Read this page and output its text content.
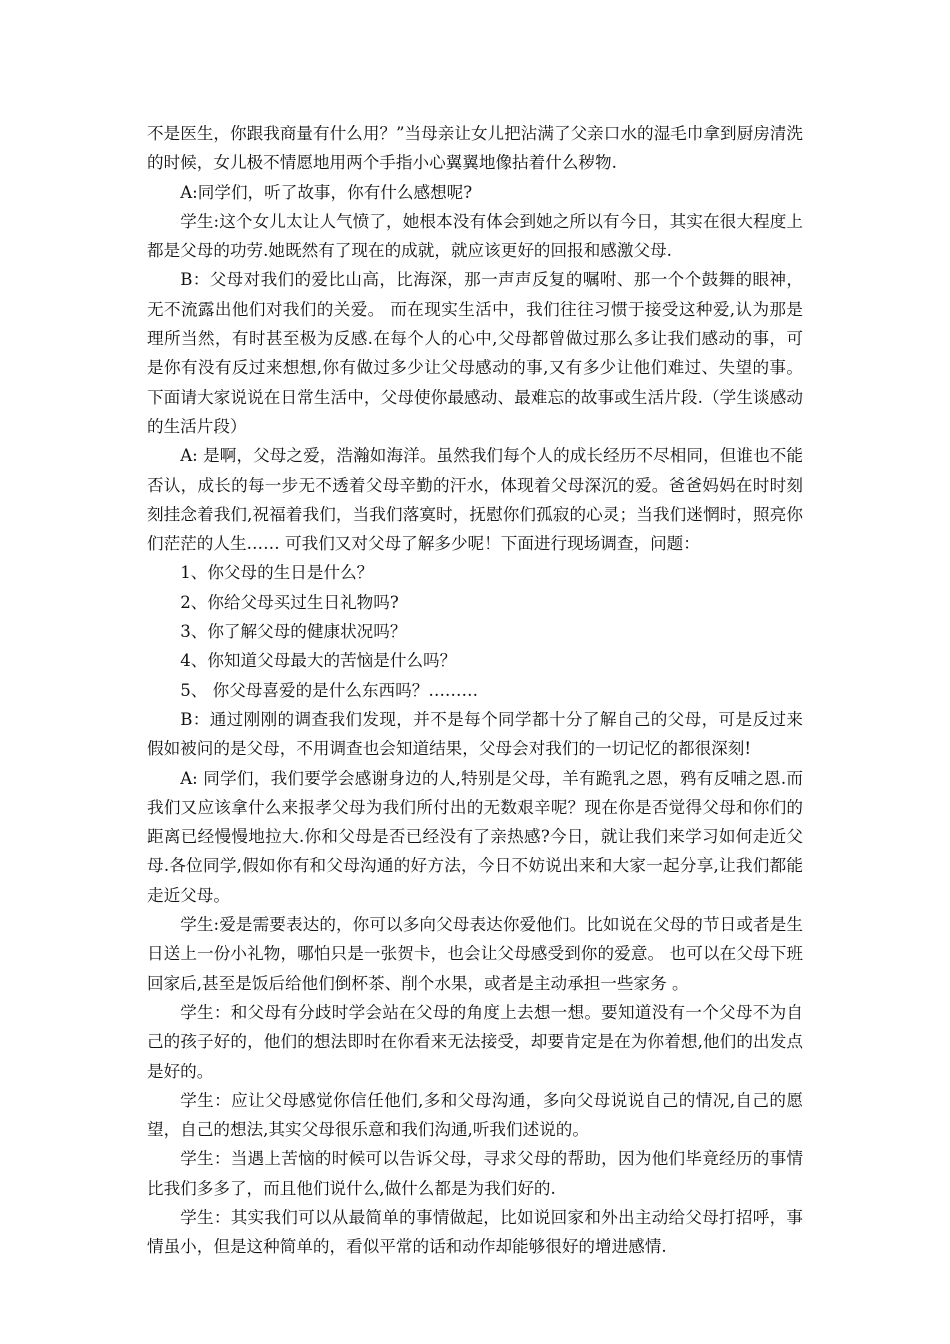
不是医生，你跟我商量有什么用？”当母亲让女儿把沾满了父亲口水的湿毛巾拿到厨房清洗的时候，女儿极不情愿地用两个手指小心翼翼地像拈着什么秽物.

A:同学们，听了故事，你有什么感想呢?

学生:这个女儿太让人气愤了，她根本没有体会到她之所以有今日，其实在很大程度上都是父母的功劳.她既然有了现在的成就，就应该更好的回报和感激父母.

B：父母对我们的爱比山高，比海深，那一声声反复的嘱咐、那一个个鼓舞的眼神，无不流露出他们对我们的关爱。 而在现实生活中，我们往往习惯于接受这种爱,认为那是理所当然，有时甚至极为反感.在每个人的心中,父母都曾做过那么多让我们感动的事，可是你有没有反过来想想,你有做过多少让父母感动的事,又有多少让他们难过、失望的事。下面请大家说说在日常生活中，父母使你最感动、最难忘的故事或生活片段.（学生谈感动的生活片段）

A: 是啊，父母之爱，浩瀚如海洋。虽然我们每个人的成长经历不尽相同，但谁也不能否认，成长的每一步无不透着父母辛勤的汗水，体现着父母深沉的爱。爸爸妈妈在时时刻刻挂念着我们,祝福着我们，当我们落寞时，抚慰你们孤寂的心灵；当我们迷惘时，照亮你们茫茫的人生…… 可我们又对父母了解多少呢！下面进行现场调查，问题：

1、你父母的生日是什么？

2、你给父母买过生日礼物吗?

3、你了解父母的健康状况吗？

4、你知道父母最大的苦恼是什么吗？

5、 你父母喜爱的是什么东西吗？………

B：通过刚刚的调查我们发现，并不是每个同学都十分了解自己的父母，可是反过来假如被问的是父母，不用调查也会知道结果，父母会对我们的一切记忆的都很深刻!

A: 同学们，我们要学会感谢身边的人,特别是父母，羊有跪乳之恩，鸦有反哺之恩.而我们又应该拿什么来报孝父母为我们所付出的无数艰辛呢？现在你是否觉得父母和你们的距离已经慢慢地拉大.你和父母是否已经没有了亲热感?今日，就让我们来学习如何走近父母.各位同学,假如你有和父母沟通的好方法，今日不妨说出来和大家一起分享,让我们都能走近父母。

学生:爱是需要表达的，你可以多向父母表达你爱他们。比如说在父母的节日或者是生日送上一份小礼物，哪怕只是一张贺卡，也会让父母感受到你的爱意。 也可以在父母下班回家后,甚至是饭后给他们倒杯茶、削个水果，或者是主动承担一些家务 。

学生：和父母有分歧时学会站在父母的角度上去想一想。要知道没有一个父母不为自己的孩子好的，他们的想法即时在你看来无法接受，却要肯定是在为你着想,他们的出发点是好的。

学生：应让父母感觉你信任他们,多和父母沟通，多向父母说说自己的情况,自己的愿望，自己的想法,其实父母很乐意和我们沟通,听我们述说的。

学生：当遇上苦恼的时候可以告诉父母，寻求父母的帮助，因为他们毕竟经历的事情比我们多多了，而且他们说什么,做什么都是为我们好的.

学生：其实我们可以从最简单的事情做起，比如说回家和外出主动给父母打招呼，事情虽小，但是这种简单的，看似平常的话和动作却能够很好的增进感情.
